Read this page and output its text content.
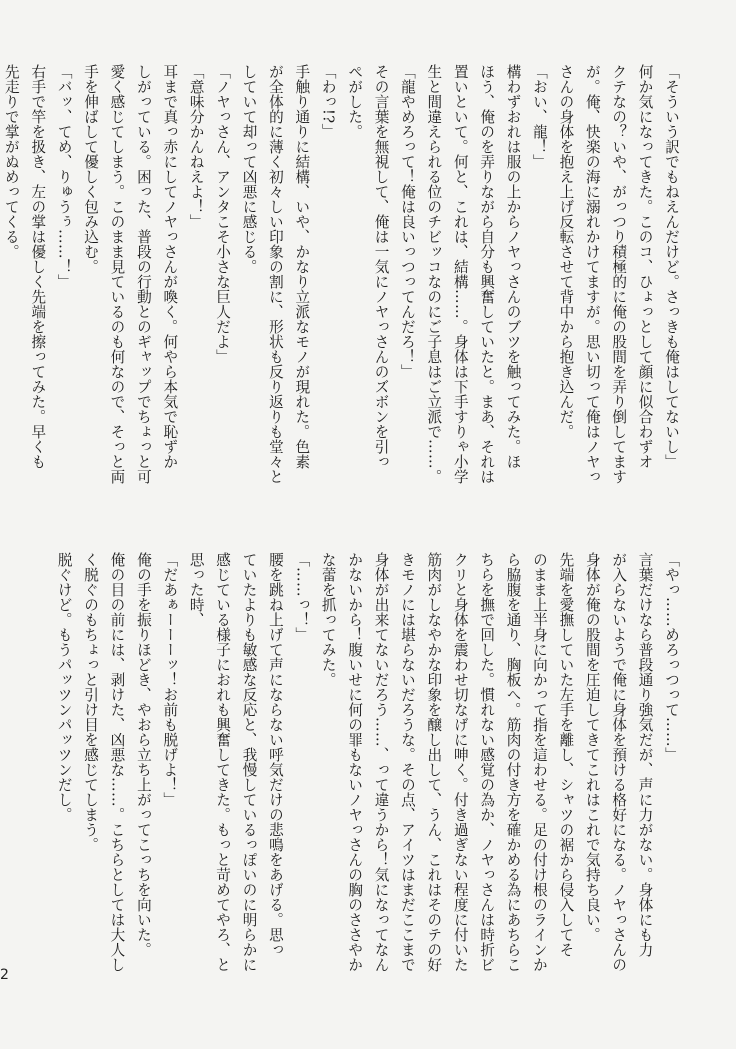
「そういう訳でもねえんだけど。さっきも俺はしてないし」
何か気になってきた。このコ、ひょっとして顔に似合わずオ
クテなの？いや、がっつり積極的に俺の股間を弄り倒してます
が。俺、快楽の海に溺れかけてますが。思い切って俺はノヤっ
さんの身体を抱え上げ反転させて背中から抱き込んだ。
「おい、龍！」
構わずおれは服の上からノヤっさんのブツを触ってみた。ほ
ほう、俺のを弄りながら自分も興奮していたと。まあ、それは
置いといて。何と、これは、結構……。身体は下手すりゃ小学
生と間違えられる位のチビッコなのにご子息はご立派で……。
「龍やめろって！俺は良いっつってんだろ！」
その言葉を無視して、俺は一気にノヤっさんのズボンを引っ
ぺがした。
「わっ!?」
手触り通りに結構、いや、かなり立派なモノが現れた。色素
が全体的に薄く初々しい印象の割に、形状も反り返りも堂々と
していて却って凶悪に感じる。
「ノヤっさん、アンタこそ小さな巨人だよ」
「意味分かんねえよ！」
耳まで真っ赤にしてノヤっさんが喚く。何やら本気で恥ずか
しがっている。困った、普段の行動とのギャップでちょっと可
愛く感じてしまう。このまま見ているのも何なので、そっと両
手を伸ばして優しく包み込む。
「バッ、てめ、りゅうぅ……！」
右手で竿を扱き、左の掌は優しく先端を擦ってみた。早くも
先走りで掌がぬめってくる。
「やっ……めろっつって……」
言葉だけなら普段通り強気だが、声に力がない。身体にも力
が入らないようで俺に身体を預ける格好になる。ノヤっさんの
身体が俺の股間を圧迫してきてこれはこれで気持ち良い。
先端を愛撫していた左手を離し、シャツの裾から侵入してそ
のまま上半身に向かって指を這わせる。足の付け根のラインか
ら脇腹を通り、胸板へ。筋肉の付き方を確かめる為にあちらこ
ちらを撫で回した。慣れない感覚の為か、ノヤっさんは時折ビ
クリと身体を震わせ切なげに呻く。付き過ぎない程度に付いた
筋肉がしなやかな印象を醸し出して、うん、これはそのテの好
きモノには堪らないだろうな。その点、アイツはまだここまで
身体が出来てないだろう……、って違うから！気になってなん
かないから！腹いせに何の罪もないノヤっさんの胸のささやか
な蕾を抓ってみた。
「……っ！」
腰を跳ね上げて声にならない呼気だけの悲鳴をあげる。思っ
ていたよりも敏感な反応と、我慢しているっぽいのに明らかに
感じている様子におれも興奮してきた。もっと苛めてやろ、と
思った時、
「だあぁーーーッ！お前も脱げよ！」
俺の手を振りほどき、やおら立ち上がってこっちを向いた。
俺の目の前には、剥けた、凶悪な……。こちらとしては大人し
く脱ぐのもちょっと引け目を感じてしまう。
脱ぐけど。もうパッツンパッツンだし。
2
